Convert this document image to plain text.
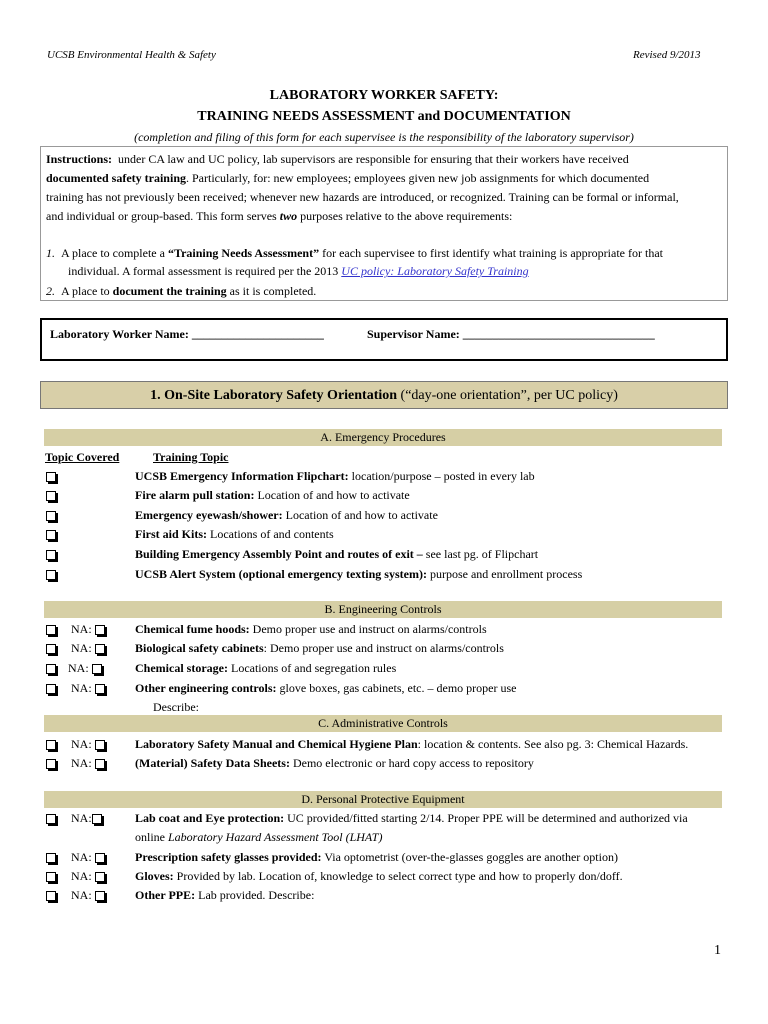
UCSB Environmental Health & Safety	Revised 9/2013
LABORATORY WORKER SAFETY:
TRAINING NEEDS ASSESSMENT and DOCUMENTATION
(completion and filing of this form for each supervisee is the responsibility of the laboratory supervisor)

Instructions: under CA law and UC policy, lab supervisors are responsible for ensuring that their workers have received

documented safety training. Particularly, for: new employees; employees given new job assignments for which documented

training has not previously been received; whenever new hazards are introduced, or recognized. Training can be formal or informal,

and individual or group-based. This form serves two purposes relative to the above requirements:

1. A place to complete a “Training Needs Assessment” for each supervisee to first identify what training is appropriate for that

individual. A formal assessment is required per the 2013 UC policy: Laboratory Safety Training

2. A place to document the training as it is completed.

Laboratory Worker Name: ______________________	Supervisor Name: ________________________________
1. On-Site Laboratory Safety Orientation (“day-one orientation”, per UC policy)
A. Emergency Procedures
Topic Covered	Training Topic
UCSB Emergency Information Flipchart: location/purpose – posted in every lab
Fire alarm pull station: Location of and how to activate
Emergency eyewash/shower: Location of and how to activate
First aid Kits: Locations of and contents
Building Emergency Assembly Point and routes of exit – see last pg. of Flipchart
UCSB Alert System (optional emergency texting system): purpose and enrollment process
B. Engineering Controls
NA:	Chemical fume hoods: Demo proper use and instruct on alarms/controls
NA:	Biological safety cabinets: Demo proper use and instruct on alarms/controls
NA:	Chemical storage: Locations of and segregation rules
NA:	Other engineering controls: glove boxes, gas cabinets, etc. – demo proper use
Describe:
C. Administrative Controls
NA:	Laboratory Safety Manual and Chemical Hygiene Plan: location & contents. See also pg. 3: Chemical Hazards.
NA:	(Material) Safety Data Sheets: Demo electronic or hard copy access to repository
D. Personal Protective Equipment
NA:	Lab coat and Eye protection: UC provided/fitted starting 2/14. Proper PPE will be determined and authorized via
online Laboratory Hazard Assessment Tool (LHAT)
NA:	Prescription safety glasses provided: Via optometrist (over-the-glasses goggles are another option)
NA:	Gloves: Provided by lab. Location of, knowledge to select correct type and how to properly don/doff.
NA:	Other PPE: Lab provided. Describe:
1
